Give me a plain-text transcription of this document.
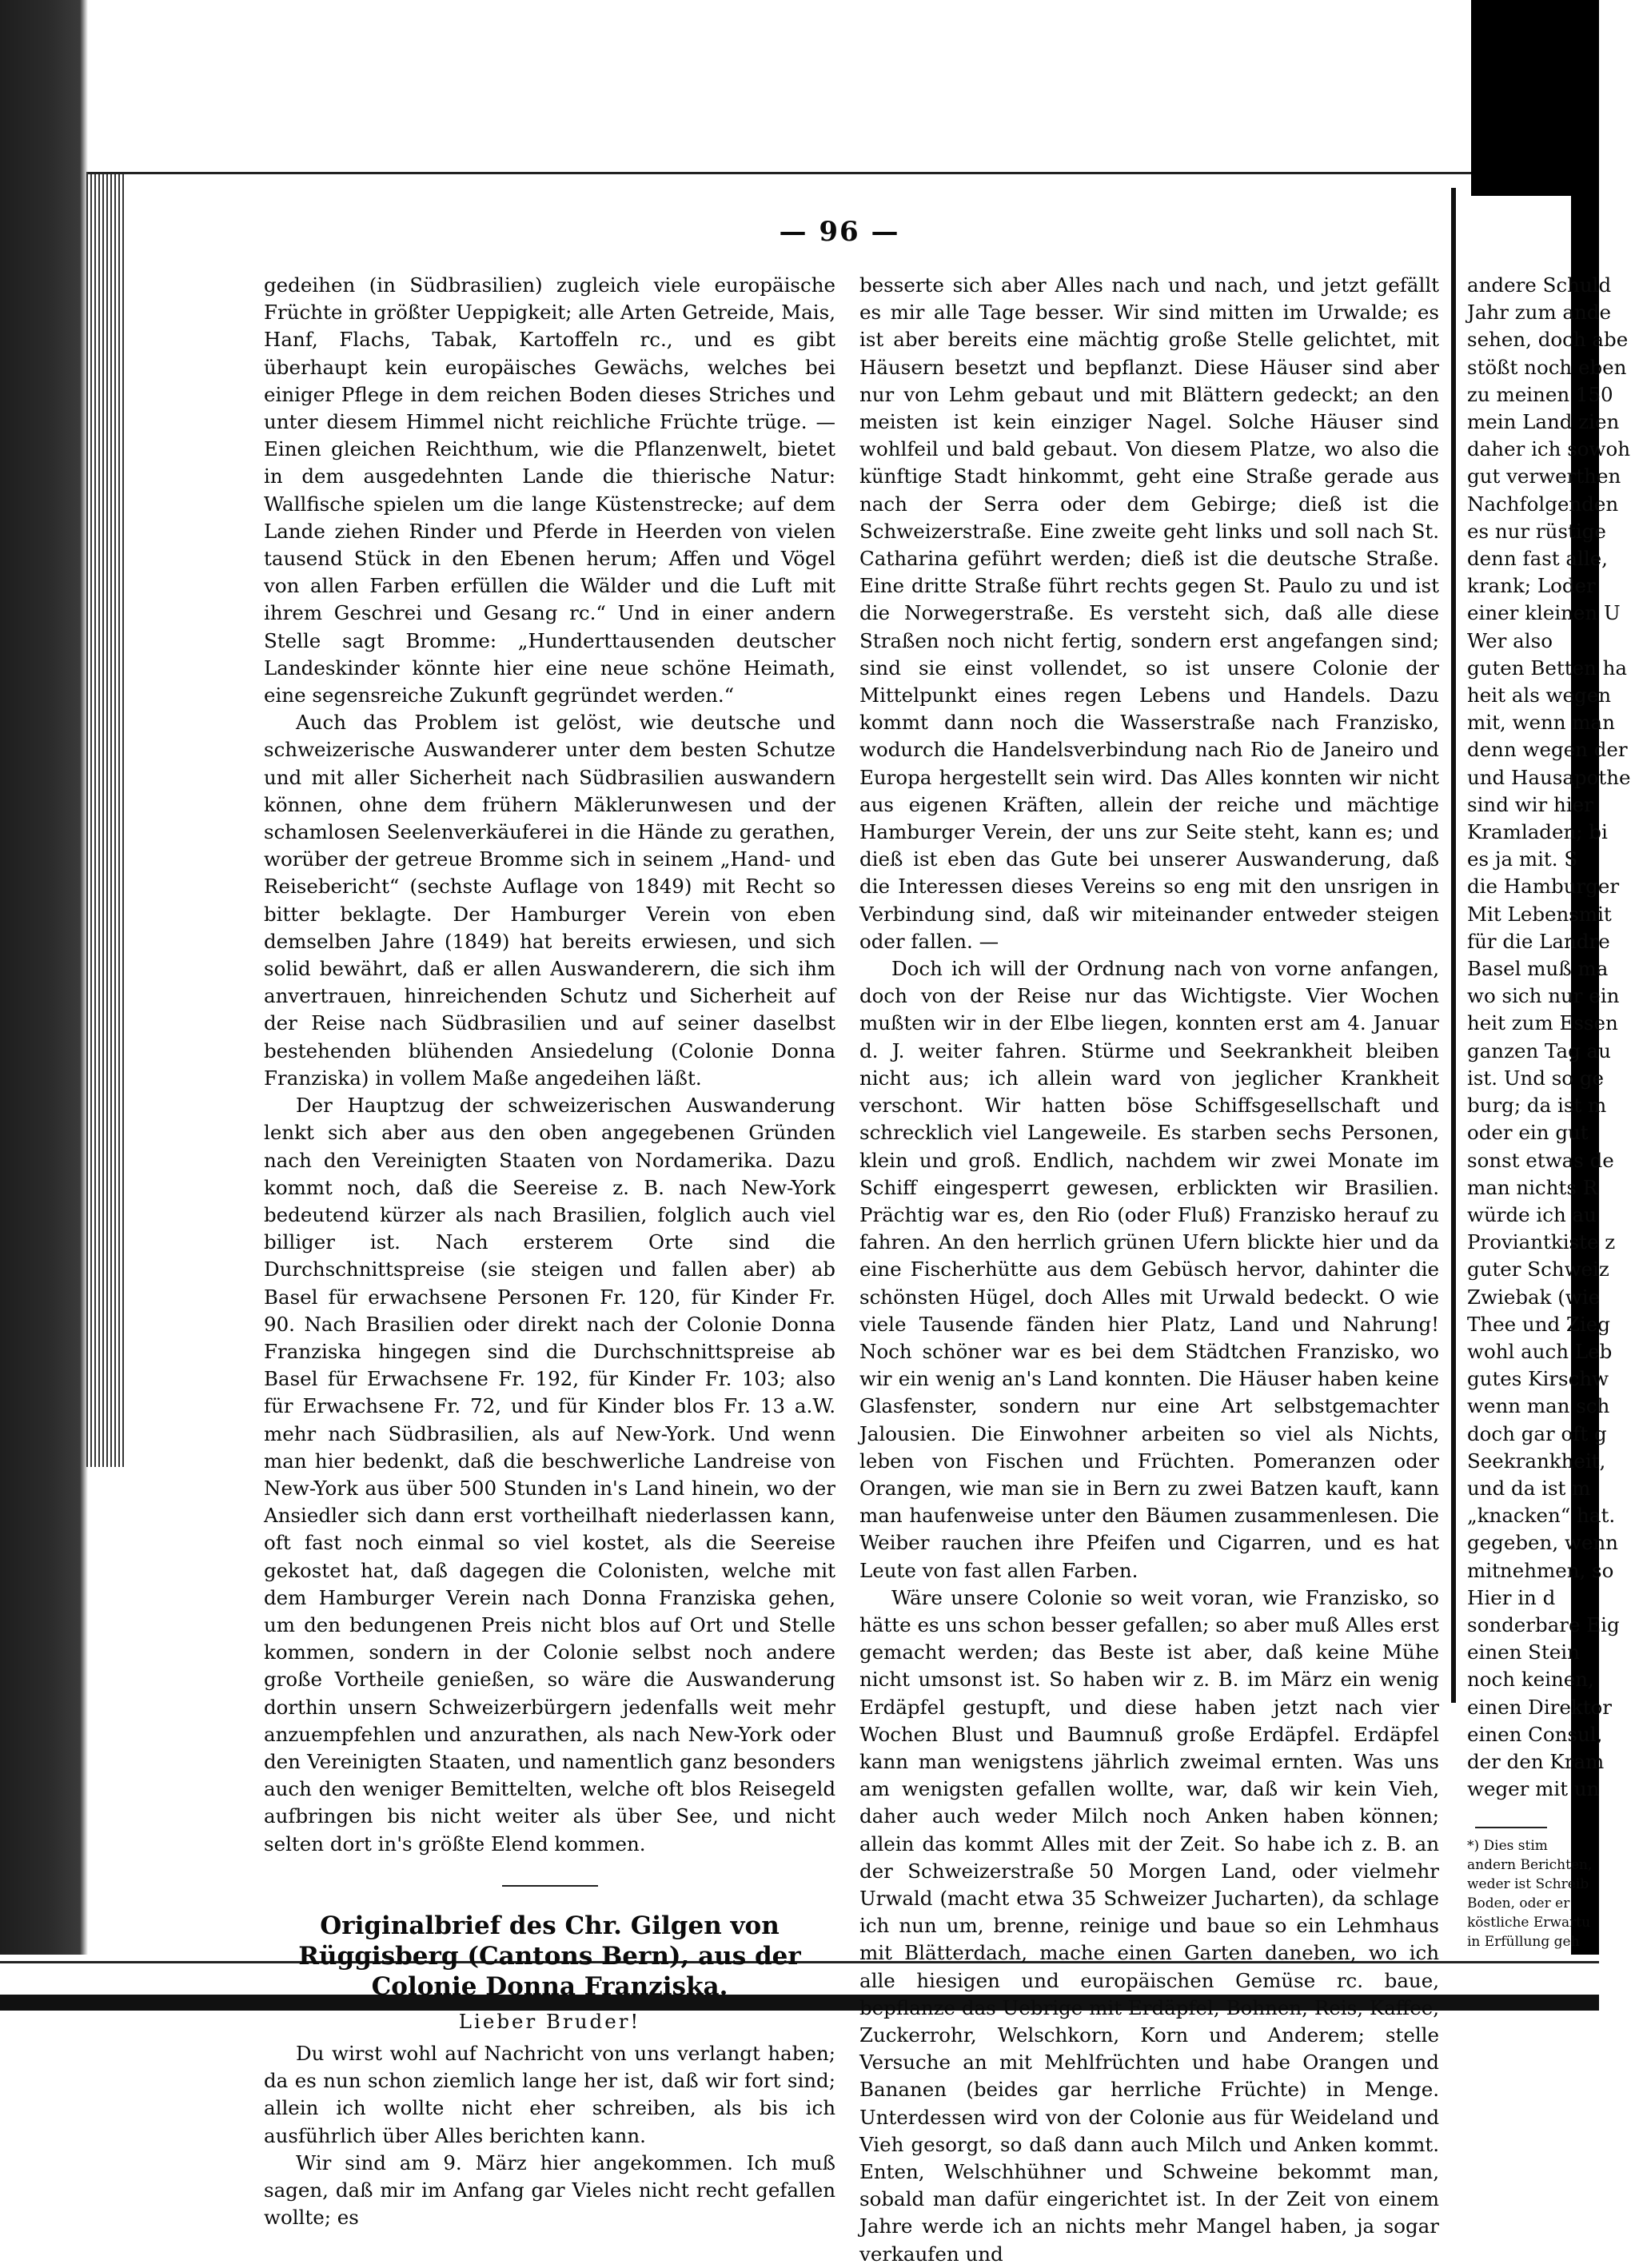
— 96 —

gedeihen (in Südbrasilien) zugleich viele europäische Früchte in größter Ueppigkeit; alle Arten Getreide, Mais, Hanf, Flachs, Tabak, Kartoffeln rc., und es gibt überhaupt kein europäisches Gewächs, welches bei einiger Pflege in dem reichen Boden dieses Striches und unter diesem Himmel nicht reichliche Früchte trüge. — Einen gleichen Reichthum, wie die Pflanzenwelt, bietet in dem ausgedehnten Lande die thierische Natur: Wallfische spielen um die lange Küstenstrecke; auf dem Lande ziehen Rinder und Pferde in Heerden von vielen tausend Stück in den Ebenen herum; Affen und Vögel von allen Farben erfüllen die Wälder und die Luft mit ihrem Geschrei und Gesang rc.“ Und in einer andern Stelle sagt Bromme: „Hunderttausenden deutscher Landeskinder könnte hier eine neue schöne Heimath, eine segensreiche Zukunft gegründet werden.“

Auch das Problem ist gelöst, wie deutsche und schweizerische Auswanderer unter dem besten Schutze und mit aller Sicherheit nach Südbrasilien auswandern können, ohne dem frühern Mäklerunwesen und der schamlosen Seelenverkäuferei in die Hände zu gerathen, worüber der getreue Bromme sich in seinem „Hand- und Reisebericht“ (sechste Auflage von 1849) mit Recht so bitter beklagte. Der Hamburger Verein von eben demselben Jahre (1849) hat bereits erwiesen, und sich solid bewährt, daß er allen Auswanderern, die sich ihm anvertrauen, hinreichenden Schutz und Sicherheit auf der Reise nach Südbrasilien und auf seiner daselbst bestehenden blühenden Ansiedelung (Colonie Donna Franziska) in vollem Maße angedeihen läßt.

Der Hauptzug der schweizerischen Auswanderung lenkt sich aber aus den oben angegebenen Gründen nach den Vereinigten Staaten von Nordamerika. Dazu kommt noch, daß die Seereise z. B. nach New-York bedeutend kürzer als nach Brasilien, folglich auch viel billiger ist. Nach ersterem Orte sind die Durchschnittspreise (sie steigen und fallen aber) ab Basel für erwachsene Personen Fr. 120, für Kinder Fr. 90. Nach Brasilien oder direkt nach der Colonie Donna Franziska hingegen sind die Durchschnittspreise ab Basel für Erwachsene Fr. 192, für Kinder Fr. 103; also für Erwachsene Fr. 72, und für Kinder blos Fr. 13 a.W. mehr nach Südbrasilien, als auf New-York. Und wenn man hier bedenkt, daß die beschwerliche Landreise von New-York aus über 500 Stunden in's Land hinein, wo der Ansiedler sich dann erst vortheilhaft niederlassen kann, oft fast noch einmal so viel kostet, als die Seereise gekostet hat, daß dagegen die Colonisten, welche mit dem Hamburger Verein nach Donna Franziska gehen, um den bedungenen Preis nicht blos auf Ort und Stelle kommen, sondern in der Colonie selbst noch andere große Vortheile genießen, so wäre die Auswanderung dorthin unsern Schweizerbürgern jedenfalls weit mehr anzuempfehlen und anzurathen, als nach New-York oder den Vereinigten Staaten, und namentlich ganz besonders auch den weniger Bemittelten, welche oft blos Reisegeld aufbringen bis nicht weiter als über See, und nicht selten dort in's größte Elend kommen.

Originalbrief des Chr. Gilgen von Rüggisberg (Cantons Bern), aus der Colonie Donna Franziska.
Lieber Bruder!

Du wirst wohl auf Nachricht von uns verlangt haben; da es nun schon ziemlich lange her ist, daß wir fort sind; allein ich wollte nicht eher schreiben, als bis ich ausführlich über Alles berichten kann.

Wir sind am 9. März hier angekommen. Ich muß sagen, daß mir im Anfang gar Vieles nicht recht gefallen wollte; es

besserte sich aber Alles nach und nach, und jetzt gefällt es mir alle Tage besser. Wir sind mitten im Urwalde; es ist aber bereits eine mächtig große Stelle gelichtet, mit Häusern besetzt und bepflanzt. Diese Häuser sind aber nur von Lehm gebaut und mit Blättern gedeckt; an den meisten ist kein einziger Nagel. Solche Häuser sind wohlfeil und bald gebaut. Von diesem Platze, wo also die künftige Stadt hinkommt, geht eine Straße gerade aus nach der Serra oder dem Gebirge; dieß ist die Schweizerstraße. Eine zweite geht links und soll nach St. Catharina geführt werden; dieß ist die deutsche Straße. Eine dritte Straße führt rechts gegen St. Paulo zu und ist die Norwegerstraße. Es versteht sich, daß alle diese Straßen noch nicht fertig, sondern erst angefangen sind; sind sie einst vollendet, so ist unsere Colonie der Mittelpunkt eines regen Lebens und Handels. Dazu kommt dann noch die Wasserstraße nach Franzisko, wodurch die Handelsverbindung nach Rio de Janeiro und Europa hergestellt sein wird. Das Alles konnten wir nicht aus eigenen Kräften, allein der reiche und mächtige Hamburger Verein, der uns zur Seite steht, kann es; und dieß ist eben das Gute bei unserer Auswanderung, daß die Interessen dieses Vereins so eng mit den unsrigen in Verbindung sind, daß wir miteinander entweder steigen oder fallen. —

Doch ich will der Ordnung nach von vorne anfangen, doch von der Reise nur das Wichtigste. Vier Wochen mußten wir in der Elbe liegen, konnten erst am 4. Januar d. J. weiter fahren. Stürme und Seekrankheit bleiben nicht aus; ich allein ward von jeglicher Krankheit verschont. Wir hatten böse Schiffsgesellschaft und schrecklich viel Langeweile. Es starben sechs Personen, klein und groß. Endlich, nachdem wir zwei Monate im Schiff eingesperrt gewesen, erblickten wir Brasilien. Prächtig war es, den Rio (oder Fluß) Franzisko herauf zu fahren. An den herrlich grünen Ufern blickte hier und da eine Fischerhütte aus dem Gebüsch hervor, dahinter die schönsten Hügel, doch Alles mit Urwald bedeckt. O wie viele Tausende fänden hier Platz, Land und Nahrung! Noch schöner war es bei dem Städtchen Franzisko, wo wir ein wenig an's Land konnten. Die Häuser haben keine Glasfenster, sondern nur eine Art selbstgemachter Jalousien. Die Einwohner arbeiten so viel als Nichts, leben von Fischen und Früchten. Pomeranzen oder Orangen, wie man sie in Bern zu zwei Batzen kauft, kann man haufenweise unter den Bäumen zusammenlesen. Die Weiber rauchen ihre Pfeifen und Cigarren, und es hat Leute von fast allen Farben.

Wäre unsere Colonie so weit voran, wie Franzisko, so hätte es uns schon besser gefallen; so aber muß Alles erst gemacht werden; das Beste ist aber, daß keine Mühe nicht umsonst ist. So haben wir z. B. im März ein wenig Erdäpfel gestupft, und diese haben jetzt nach vier Wochen Blust und Baumnuß große Erdäpfel. Erdäpfel kann man wenigstens jährlich zweimal ernten. Was uns am wenigsten gefallen wollte, war, daß wir kein Vieh, daher auch weder Milch noch Anken haben können; allein das kommt Alles mit der Zeit. So habe ich z. B. an der Schweizerstraße 50 Morgen Land, oder vielmehr Urwald (macht etwa 35 Schweizer Jucharten), da schlage ich nun um, brenne, reinige und baue so ein Lehmhaus mit Blätterdach, mache einen Garten daneben, wo ich alle hiesigen und europäischen Gemüse rc. baue, bepflanze das Uebrige mit Erdäpfel, Bohnen, Reis, Kaffee, Zuckerrohr, Welschkorn, Korn und Anderem; stelle Versuche an mit Mehlfrüchten und habe Orangen und Bananen (beides gar herrliche Früchte) in Menge. Unterdessen wird von der Colonie aus für Weideland und Vieh gesorgt, so daß dann auch Milch und Anken kommt. Enten, Welschhühner und Schweine bekommt man, sobald man dafür eingerichtet ist. In der Zeit von einem Jahre werde ich an nichts mehr Mangel haben, ja sogar verkaufen und

andere Schuld
Jahr zum ande
sehen, doch abe
stößt noch eben
zu meinen 150
mein Land zien
daher ich sowoh
gut verwerthen
Nachfolgenden
es nur rüstige
denn fast alle,
krank; Loder
einer kleinen U
Wer also
guten Betten ha
heit als wegen
mit, wenn man
denn wegen der
und Hausapothe
sind wir hier
Kramladen; bi
es ja mit. S
die Hamburger
Mit Lebensmit
für die Landre
Basel muß ma
wo sich nur ein
heit zum Essen
ganzen Tag au
ist. Und so ge
burg; da ist m
oder ein gut
sonst etwas de
man nichts R
würde ich au
Proviantkiste z
guter Schweiz
Zwiebak (wie
Thee und Zieg
wohl auch Leb
gutes Kirschw
wenn man sch
doch gar oft g
Seekrankheit,
und da ist m
„knacken“ hat.
gegeben, wenn
mitnehmen, so
Hier in d
sonderbare Eig
einen Stein
noch keinen,
einen Direktor
einen Consul,
der den Kram
weger mit un
*) Dies stim
andern Berichten,
weder ist Schreib
Boden, oder er
köstliche Erwartu
in Erfüllung geh
